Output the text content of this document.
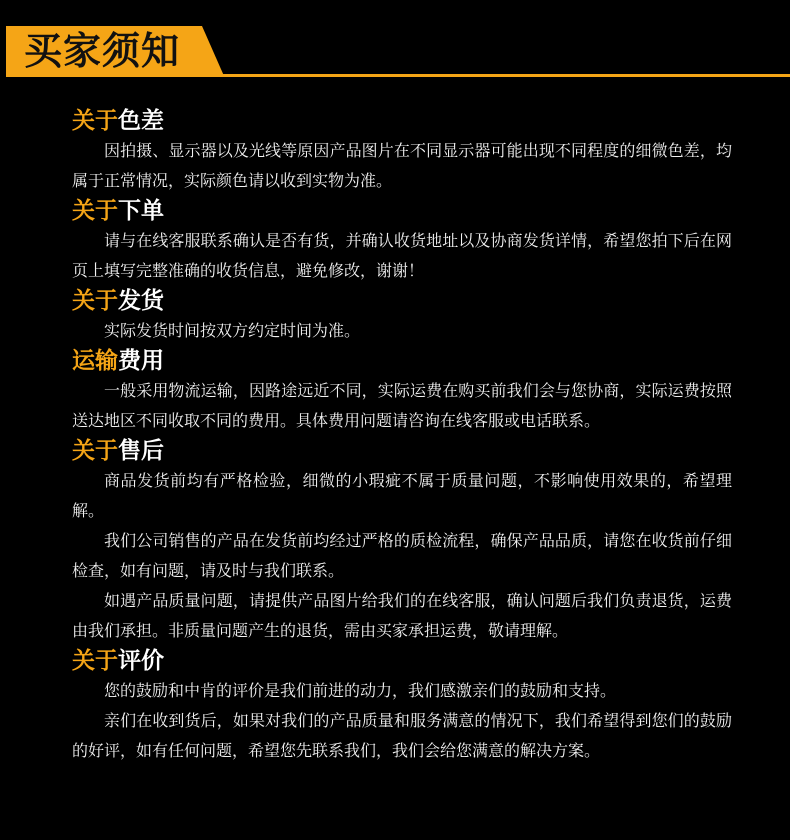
买家须知
关于色差

因拍摄、显示器以及光线等原因产品图片在不同显示器可能出现不同程度的细微色差，均属于正常情况，实际颜色请以收到实物为准。

关于下单

请与在线客服联系确认是否有货，并确认收货地址以及协商发货详情，希望您拍下后在网页上填写完整准确的收货信息，避免修改，谢谢！

关于发货

实际发货时间按双方约定时间为准。

运输费用

一般采用物流运输，因路途远近不同，实际运费在购买前我们会与您协商，实际运费按照送达地区不同收取不同的费用。具体费用问题请咨询在线客服或电话联系。

关于售后

商品发货前均有严格检验，细微的小瑕疵不属于质量问题，不影响使用效果的，希望理解。

我们公司销售的产品在发货前均经过严格的质检流程，确保产品品质，请您在收货前仔细检查，如有问题，请及时与我们联系。

如遇产品质量问题，请提供产品图片给我们的在线客服，确认问题后我们负责退货，运费由我们承担。非质量问题产生的退货，需由买家承担运费，敬请理解。

关于评价

您的鼓励和中肯的评价是我们前进的动力，我们感激亲们的鼓励和支持。

亲们在收到货后，如果对我们的产品质量和服务满意的情况下，我们希望得到您们的鼓励的好评，如有任何问题，希望您先联系我们，我们会给您满意的解决方案。
